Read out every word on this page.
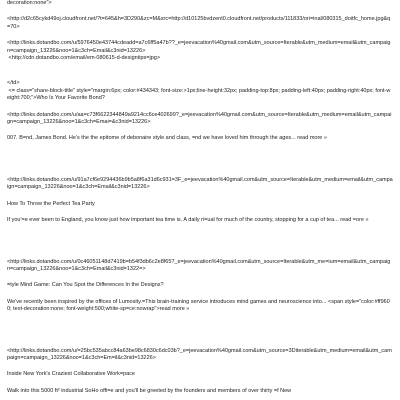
decoration:none">

<http://d2c65cykd49oj.cloudfront.net/?t=645&h=3D290&zc=M&src=http://d10125bvdzent0.cloudfront.net/products/111833/ori=inal/080315_doitfc_home.jpg&q=70>

<http://links.dotandbo.com/u/5976450e43744cdeadd=a7c6ff5a47b??_e=jeevacation%40gmail.com&utm_source=Iterable&utm_medium=email&utm_campaign=campaign_13226&noo=1&c3ch=Email&c3nid=13226>

<http://cdn.dotandbo.com/email/em-080615-d-designtips=jpg>

</td>

<= class="share-block-title" style="margin:6px; color:#434343; font-size:>1px;line-height:32px; padding-top:8px; padding-left:40px; padding-right:40px; font-weight:700;">Who Is Your Favorite Bond?

<http://links.dotandbo.com/u/aa=c73f6622344849a9214cc6ce402699?_e=jeevacation%40gmail.com&utm_source=Iterable&utm_medium=email&utm_campaign=campaign_13226&noo=1&c3ch=Emai=&c3nid=13226>

007. B=nd, James Bond. He's the the epitome of debonaire style and class, =nd we have loved him through the ages... read more »

<http://links.dotandbo.com/u/91a7cf6e9294436b9b5a8f6a31d6c931=3F_e=jeevacation%40gmail.com&utm_source=Iterable&utm_medium=email&utm_campaign=campaign_13226&noo=1&c3ch=Email&c3nid=13226>

How To Throw the Perfect Tea Party

If you'=e ever been to England, you know just how important tea time is. A daily ri=ual for much of the country, stopping for a cup of tea... read =ore »

<http://links.dotandbo.com/u/0c46051148d7419b=b54f3db6c2e8f65?_e=jeevacation%40gmail.com&utm_source=Iterable&utm_me=ium=email&utm_campaign=campaign_13226&noo=1&c3ch=Email&c3nid=1322=>

=tyle Mind Game: Can You Spot the Differences In the Designs?

We've recently been inspired by the offices of Lumosity.=This brain-training service introduces mind games and neuroscience into... <span style="color:#ff9600; text-decoration:none; font-weight:500;white-sp=ce:nowrap">read more »

<http://links.dotandbo.com/u/=25bc535abcc84a63be98c6830c6dc03b?_e=jeevacation%40gmail.com&utm_source=3Diterable&utm_medium=email&utm_campaign=campaign_13226&noo=1&c3ch=Em=il&c3nid=13226>

Inside New York's Craziest Collaborative Work=pace

Walk into this 5000 ft² industrial SoHo offi=e and you'll be greeted by the founders and members of over thirty =f New
